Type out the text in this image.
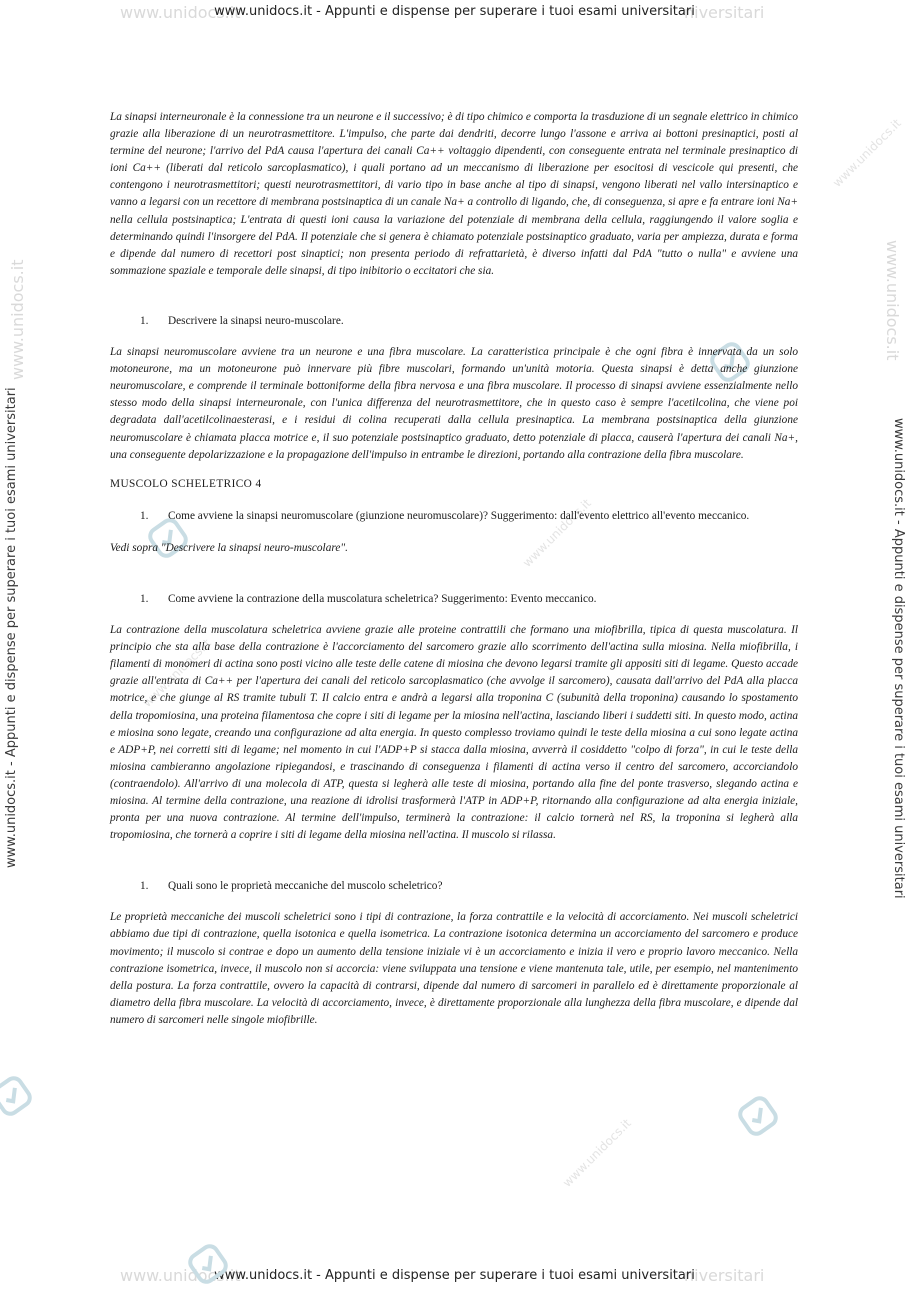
www.unidocs.it	niversitari
www.unidocs.it - Appunti e dispense per superare i tuoi esami universitari
www.unidocs.it	niversitari
www.unidocs.it - Appunti e dispense per superare i tuoi esami universitari
www.unidocs.it - Appunti e dispense per superare i tuoi esami universitari	www.unidocs.it - Appunti e dispense per superare i tuoi esami universitari
www.unidocs.it	www.unidocs.it
www.unidocs.it
www.unidocs.it
www.unidocs.it
www.unidocs.it

La sinapsi interneuronale è la connessione tra un neurone e il successivo; è di tipo chimico e comporta la trasduzione di un segnale elettrico in chimico grazie alla liberazione di un neurotrasmettitore. L'impulso, che parte dai dendriti, decorre lungo l'assone e arriva ai bottoni presinaptici, posti al termine del neurone; l'arrivo del PdA causa l'apertura dei canali Ca++ voltaggio dipendenti, con conseguente entrata nel terminale presinaptico di ioni Ca++ (liberati dal reticolo sarcoplasmatico), i quali portano ad un meccanismo di liberazione per esocitosi di vescicole qui presenti, che contengono i neurotrasmettitori; questi neurotrasmettitori, di vario tipo in base anche al tipo di sinapsi, vengono liberati nel vallo intersinaptico e vanno a legarsi con un recettore di membrana postsinaptica di un canale Na+ a controllo di ligando, che, di conseguenza, si apre e fa entrare ioni Na+ nella cellula postsinaptica; L'entrata di questi ioni causa la variazione del potenziale di membrana della cellula, raggiungendo il valore soglia e determinando quindi l'insorgere del PdA. Il potenziale che si genera è chiamato potenziale postsinaptico graduato, varia per ampiezza, durata e forma e dipende dal numero di recettori post sinaptici; non presenta periodo di refrattarietà, è diverso infatti dal PdA "tutto o nulla" e avviene una sommazione spaziale e temporale delle sinapsi, di tipo inibitorio o eccitatori che sia.

1.	Descrivere la sinapsi neuro-muscolare.

La sinapsi neuromuscolare avviene tra un neurone e una fibra muscolare. La caratteristica principale è che ogni fibra è innervata da un solo motoneurone, ma un motoneurone può innervare più fibre muscolari, formando un'unità motoria. Questa sinapsi è detta anche giunzione neuromuscolare, e comprende il terminale bottoniforme della fibra nervosa e una fibra muscolare. Il processo di sinapsi avviene essenzialmente nello stesso modo della sinapsi interneuronale, con l'unica differenza del neurotrasmettitore, che in questo caso è sempre l'acetilcolina, che viene poi degradata dall'acetilcolinaesterasi, e i residui di colina recuperati dalla cellula presinaptica. La membrana postsinaptica della giunzione neuromuscolare è chiamata placca motrice e, il suo potenziale postsinaptico graduato, detto potenziale di placca, causerà l'apertura dei canali Na+, una conseguente depolarizzazione e la propagazione dell'impulso in entrambe le direzioni, portando alla contrazione della fibra muscolare.

MUSCOLO SCHELETRICO 4
1.	Come avviene la sinapsi neuromuscolare (giunzione neuromuscolare)? Suggerimento: dall'evento elettrico all'evento meccanico.

Vedi sopra "Descrivere la sinapsi neuro-muscolare".

1.	Come avviene la contrazione della muscolatura scheletrica? Suggerimento: Evento meccanico.

La contrazione della muscolatura scheletrica avviene grazie alle proteine contrattili che formano una miofibrilla, tipica di questa muscolatura. Il principio che sta alla base della contrazione è l'accorciamento del sarcomero grazie allo scorrimento dell'actina sulla miosina. Nella miofibrilla, i filamenti di monomeri di actina sono posti vicino alle teste delle catene di miosina che devono legarsi tramite gli appositi siti di legame. Questo accade grazie all'entrata di Ca++ per l'apertura dei canali del reticolo sarcoplasmatico (che avvolge il sarcomero), causata dall'arrivo del PdA alla placca motrice, e che giunge al RS tramite tubuli T. Il calcio entra e andrà a legarsi alla troponina C (subunità della troponina) causando lo spostamento della tropomiosina, una proteina filamentosa che copre i siti di legame per la miosina nell'actina, lasciando liberi i suddetti siti. In questo modo, actina e miosina sono legate, creando una configurazione ad alta energia. In questo complesso troviamo quindi le teste della miosina a cui sono legate actina e ADP+P, nei corretti siti di legame; nel momento in cui l'ADP+P si stacca dalla miosina, avverrà il cosiddetto "colpo di forza", in cui le teste della miosina cambieranno angolazione ripiegandosi, e trascinando di conseguenza i filamenti di actina verso il centro del sarcomero, accorciandolo (contraendolo). All'arrivo di una molecola di ATP, questa si legherà alle teste di miosina, portando alla fine del ponte trasverso, slegando actina e miosina. Al termine della contrazione, una reazione di idrolisi trasformerà l'ATP in ADP+P, ritornando alla configurazione ad alta energia iniziale, pronta per una nuova contrazione. Al termine dell'impulso, terminerà la contrazione: il calcio tornerà nel RS, la troponina si legherà alla tropomiosina, che tornerà a coprire i siti di legame della miosina nell'actina. Il muscolo si rilassa.

1.	Quali sono le proprietà meccaniche del muscolo scheletrico?

Le proprietà meccaniche dei muscoli scheletrici sono i tipi di contrazione, la forza contrattile e la velocità di accorciamento. Nei muscoli scheletrici abbiamo due tipi di contrazione, quella isotonica e quella isometrica. La contrazione isotonica determina un accorciamento del sarcomero e produce movimento; il muscolo si contrae e dopo un aumento della tensione iniziale vi è un accorciamento e inizia il vero e proprio lavoro meccanico. Nella contrazione isometrica, invece, il muscolo non si accorcia: viene sviluppata una tensione e viene mantenuta tale, utile, per esempio, nel mantenimento della postura. La forza contrattile, ovvero la capacità di contrarsi, dipende dal numero di sarcomeri in parallelo ed è direttamente proporzionale al diametro della fibra muscolare. La velocità di accorciamento, invece, è direttamente proporzionale alla lunghezza della fibra muscolare, e dipende dal numero di sarcomeri nelle singole miofibrille.
